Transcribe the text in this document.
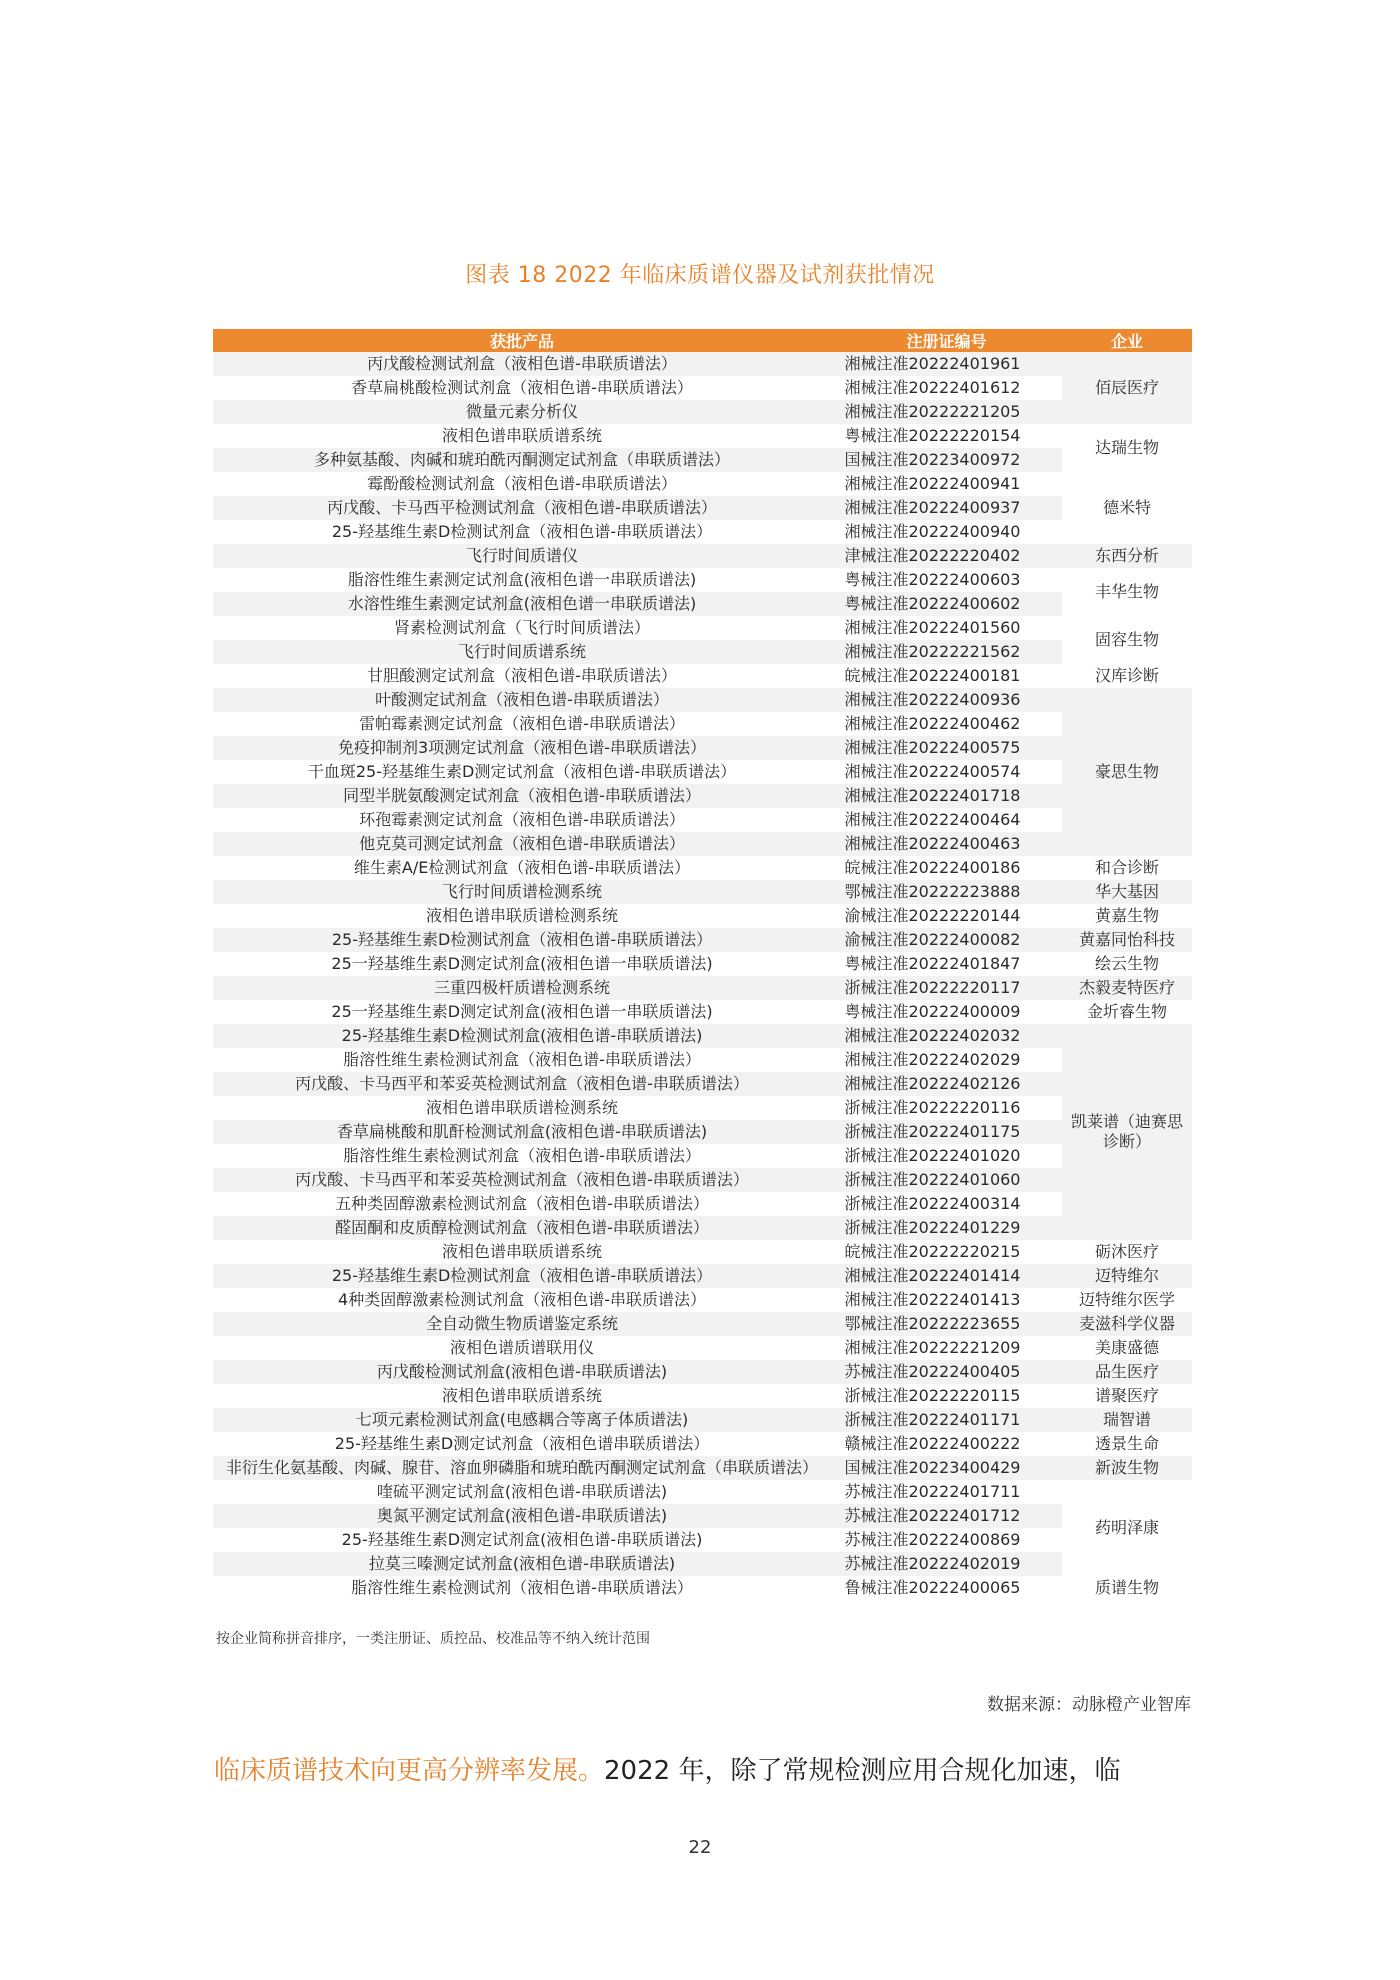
图表 18 2022 年临床质谱仪器及试剂获批情况
获批产品	注册证编号	企业
丙戊酸检测试剂盒（液相色谱-串联质谱法）	湘械注准20222401961	佰辰医疗
香草扁桃酸检测试剂盒（液相色谱-串联质谱法）	湘械注准20222401612	
微量元素分析仪	湘械注准20222221205	
液相色谱串联质谱系统	粤械注准20222220154	达瑞生物
多种氨基酸、肉碱和琥珀酰丙酮测定试剂盒（串联质谱法）	国械注准20223400972	
霉酚酸检测试剂盒（液相色谱-串联质谱法）	湘械注准20222400941	德米特
丙戊酸、卡马西平检测试剂盒（液相色谱-串联质谱法）	湘械注准20222400937	
25-羟基维生素D检测试剂盒（液相色谱-串联质谱法）	湘械注准20222400940	
飞行时间质谱仪	津械注准20222220402	东西分析
脂溶性维生素测定试剂盒(液相色谱一串联质谱法)	粤械注准20222400603	丰华生物
水溶性维生素测定试剂盒(液相色谱一串联质谱法)	粤械注准20222400602	
肾素检测试剂盒（飞行时间质谱法）	湘械注准20222401560	固容生物
飞行时间质谱系统	湘械注准20222221562	
甘胆酸测定试剂盒（液相色谱-串联质谱法）	皖械注准20222400181	汉库诊断
叶酸测定试剂盒（液相色谱-串联质谱法）	湘械注准20222400936	豪思生物
雷帕霉素测定试剂盒（液相色谱-串联质谱法）	湘械注准20222400462	
免疫抑制剂3项测定试剂盒（液相色谱-串联质谱法）	湘械注准20222400575	
干血斑25-羟基维生素D测定试剂盒（液相色谱-串联质谱法）	湘械注准20222400574	
同型半胱氨酸测定试剂盒（液相色谱-串联质谱法）	湘械注准20222401718	
环孢霉素测定试剂盒（液相色谱-串联质谱法）	湘械注准20222400464	
他克莫司测定试剂盒（液相色谱-串联质谱法）	湘械注准20222400463	
维生素A/E检测试剂盒（液相色谱-串联质谱法）	皖械注准20222400186	和合诊断
飞行时间质谱检测系统	鄂械注准20222223888	华大基因
液相色谱串联质谱检测系统	渝械注准20222220144	黄嘉生物
25-羟基维生素D检测试剂盒（液相色谱-串联质谱法）	渝械注准20222400082	黄嘉同怡科技
25一羟基维生素D测定试剂盒(液相色谱一串联质谱法)	粤械注准20222401847	绘云生物
三重四极杆质谱检测系统	浙械注准20222220117	杰毅麦特医疗
25一羟基维生素D测定试剂盒(液相色谱一串联质谱法)	粤械注准20222400009	金圻睿生物
25-羟基维生素D检测试剂盒(液相色谱-串联质谱法)	湘械注准20222402032	凯莱谱（迪赛思诊断）
脂溶性维生素检测试剂盒（液相色谱-串联质谱法）	湘械注准20222402029	
丙戊酸、卡马西平和苯妥英检测试剂盒（液相色谱-串联质谱法）	湘械注准20222402126	
液相色谱串联质谱检测系统	浙械注准20222220116	
香草扁桃酸和肌酐检测试剂盒(液相色谱-串联质谱法)	浙械注准20222401175	
脂溶性维生素检测试剂盒（液相色谱-串联质谱法）	浙械注准20222401020	
丙戊酸、卡马西平和苯妥英检测试剂盒（液相色谱-串联质谱法）	浙械注准20222401060	
五种类固醇激素检测试剂盒（液相色谱-串联质谱法）	浙械注准20222400314	
醛固酮和皮质醇检测试剂盒（液相色谱-串联质谱法）	浙械注准20222401229	
液相色谱串联质谱系统	皖械注准20222220215	砺沐医疗
25-羟基维生素D检测试剂盒（液相色谱-串联质谱法）	湘械注准20222401414	迈特维尔
4种类固醇激素检测试剂盒（液相色谱-串联质谱法）	湘械注准20222401413	迈特维尔医学
全自动微生物质谱鉴定系统	鄂械注准20222223655	麦滋科学仪器
液相色谱质谱联用仪	湘械注准20222221209	美康盛德
丙戊酸检测试剂盒(液相色谱-串联质谱法)	苏械注准20222400405	品生医疗
液相色谱串联质谱系统	浙械注准20222220115	谱聚医疗
七项元素检测试剂盒(电感耦合等离子体质谱法)	浙械注准20222401171	瑞智谱
25-羟基维生素D测定试剂盒（液相色谱串联质谱法）	赣械注准20222400222	透景生命
非衍生化氨基酸、肉碱、腺苷、溶血卵磷脂和琥珀酰丙酮测定试剂盒（串联质谱法）	国械注准20223400429	新波生物
喹硫平测定试剂盒(液相色谱-串联质谱法)	苏械注准20222401711	药明泽康
奥氮平测定试剂盒(液相色谱-串联质谱法)	苏械注准20222401712	
25-羟基维生素D测定试剂盒(液相色谱-串联质谱法)	苏械注准20222400869	
拉莫三嗪测定试剂盒(液相色谱-串联质谱法)	苏械注准20222402019	
脂溶性维生素检测试剂（液相色谱-串联质谱法）	鲁械注准20222400065	质谱生物
按企业简称拼音排序，一类注册证、质控品、校准品等不纳入统计范围
数据来源：动脉橙产业智库
临床质谱技术向更高分辨率发展。2022 年，除了常规检测应用合规化加速，临
22
